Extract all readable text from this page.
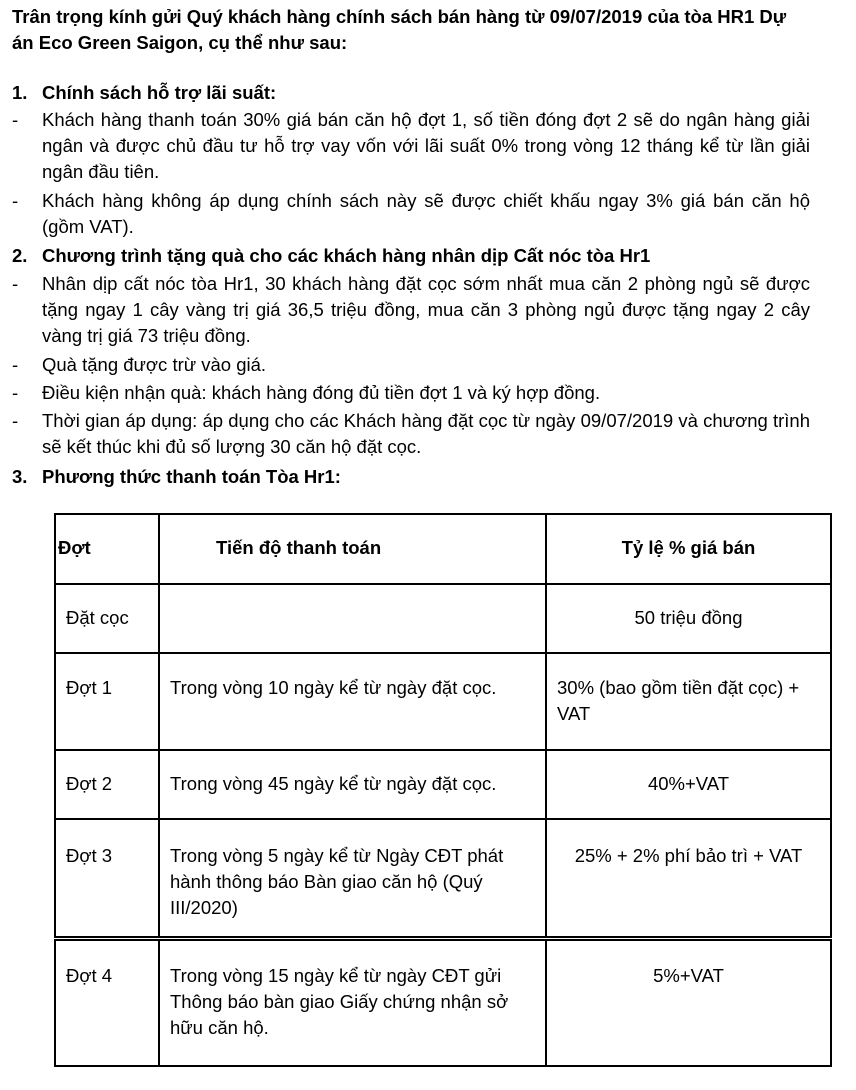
Trân trọng kính gửi Quý khách hàng chính sách bán hàng từ 09/07/2019 của tòa HR1 Dự án Eco Green Saigon, cụ thể như sau:
1. Chính sách hỗ trợ lãi suất:
- Khách hàng thanh toán 30% giá bán căn hộ đợt 1, số tiền đóng đợt 2 sẽ do ngân hàng giải ngân và được chủ đầu tư hỗ trợ vay vốn với lãi suất 0% trong vòng 12 tháng kể từ lần giải ngân đầu tiên.
- Khách hàng không áp dụng chính sách này sẽ được chiết khấu ngay 3% giá bán căn hộ (gồm VAT).
2. Chương trình tặng quà cho các khách hàng nhân dịp Cất nóc tòa Hr1
- Nhân dịp cất nóc tòa Hr1, 30 khách hàng đặt cọc sớm nhất mua căn 2 phòng ngủ sẽ được tặng ngay 1 cây vàng trị giá 36,5 triệu đồng, mua căn 3 phòng ngủ được tặng ngay 2 cây vàng trị giá 73 triệu đồng.
- Quà tặng được trừ vào giá.
- Điều kiện nhận quà: khách hàng đóng đủ tiền đợt 1 và ký hợp đồng.
- Thời gian áp dụng: áp dụng cho các Khách hàng đặt cọc từ ngày 09/07/2019 và chương trình sẽ kết thúc khi đủ số lượng 30 căn hộ đặt cọc.
3. Phương thức thanh toán Tòa Hr1:
Đợt	Tiến độ thanh toán	Tỷ lệ % giá bán
Đặt cọc		50 triệu đồng
Đợt 1	Trong vòng 10 ngày kể từ ngày đặt cọc.	30% (bao gồm tiền đặt cọc) + VAT
Đợt 2	Trong vòng 45 ngày kể từ ngày đặt cọc.	40%+VAT
Đợt 3	Trong vòng 5 ngày kể từ Ngày CĐT phát hành thông báo Bàn giao căn hộ (Quý III/2020)	25% + 2% phí bảo trì + VAT
Đợt 4	Trong vòng 15 ngày kể từ ngày CĐT gửi Thông báo bàn giao Giấy chứng nhận sở hữu căn hộ.	5%+VAT
